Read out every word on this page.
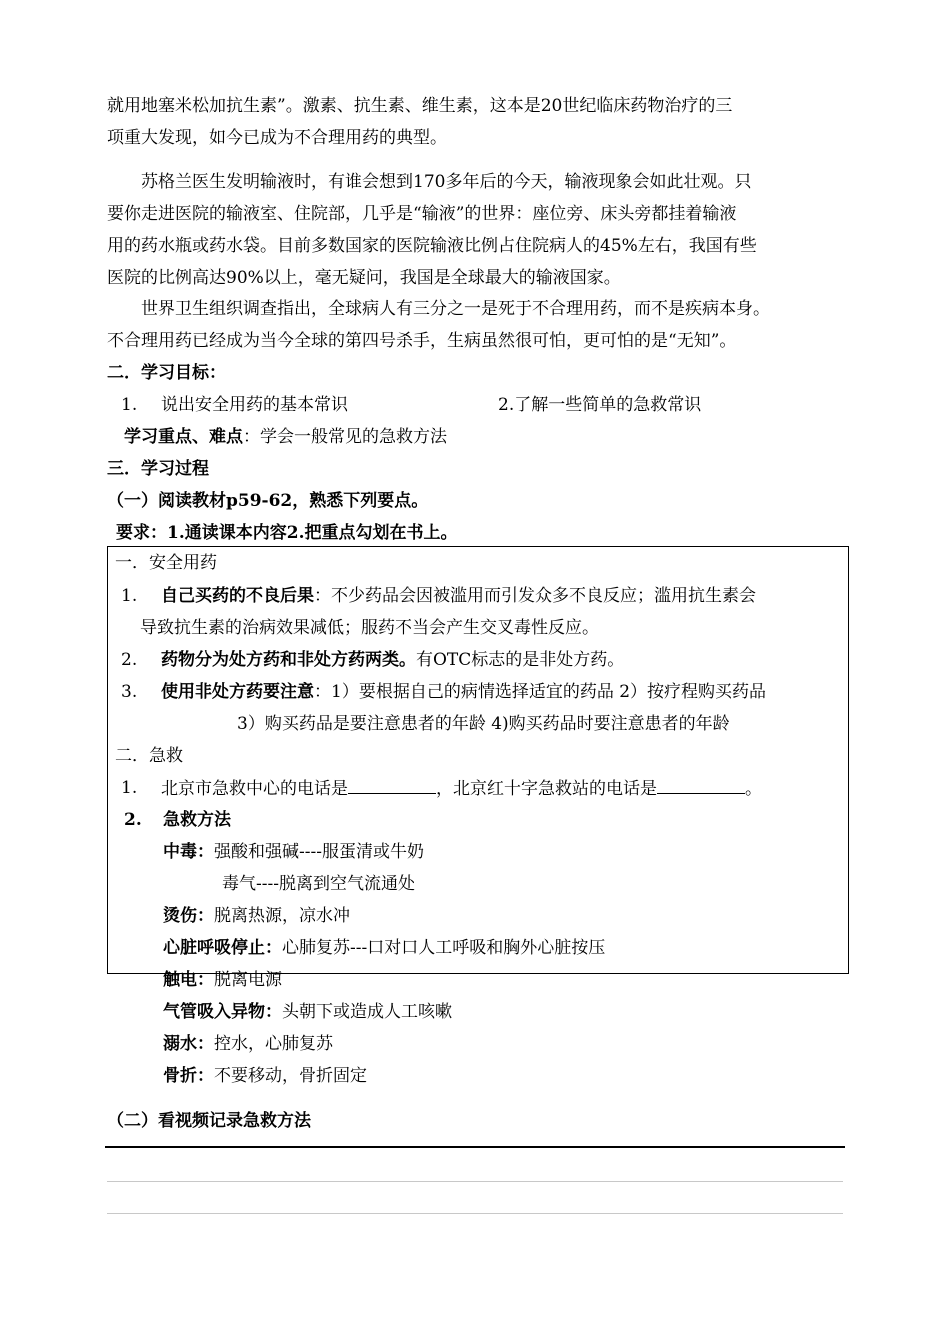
就用地塞米松加抗生素”。激素、抗生素、维生素，这本是20世纪临床药物治疗的三
项重大发现，如今已成为不合理用药的典型。
苏格兰医生发明输液时，有谁会想到170多年后的今天，输液现象会如此壮观。只
要你走进医院的输液室、住院部，几乎是“输液”的世界：座位旁、床头旁都挂着输液
用的药水瓶或药水袋。目前多数国家的医院输液比例占住院病人的45%左右，我国有些
医院的比例高达90%以上，毫无疑问，我国是全球最大的输液国家。
世界卫生组织调查指出，全球病人有三分之一是死于不合理用药，而不是疾病本身。
不合理用药已经成为当今全球的第四号杀手，生病虽然很可怕，更可怕的是“无知”。
二．学习目标：
1. 说出安全用药的基本常识	2.了解一些简单的急救常识
学习重点、难点：学会一般常见的急救方法
三．学习过程
（一）阅读教材p59-62，熟悉下列要点。
要求：1.通读课本内容2.把重点勾划在书上。
一．安全用药
1. 自己买药的不良后果：不少药品会因被滥用而引发众多不良反应；滥用抗生素会
导致抗生素的治病效果减低；服药不当会产生交叉毒性反应。
2. 药物分为处方药和非处方药两类。有OTC标志的是非处方药。
3. 使用非处方药要注意：1）要根据自己的病情选择适宜的药品 2）按疗程购买药品
3）购买药品是要注意患者的年龄 4)购买药品时要注意患者的年龄
二．急救
1. 北京市急救中心的电话是	，北京红十字急救站的电话是	。
2. 急救方法
中毒：强酸和强碱----服蛋清或牛奶
毒气----脱离到空气流通处
烫伤：脱离热源，凉水冲
心脏呼吸停止：心肺复苏---口对口人工呼吸和胸外心脏按压
触电：脱离电源
气管吸入异物：头朝下或造成人工咳嗽
溺水：控水，心肺复苏
骨折：不要移动，骨折固定
（二）看视频记录急救方法
